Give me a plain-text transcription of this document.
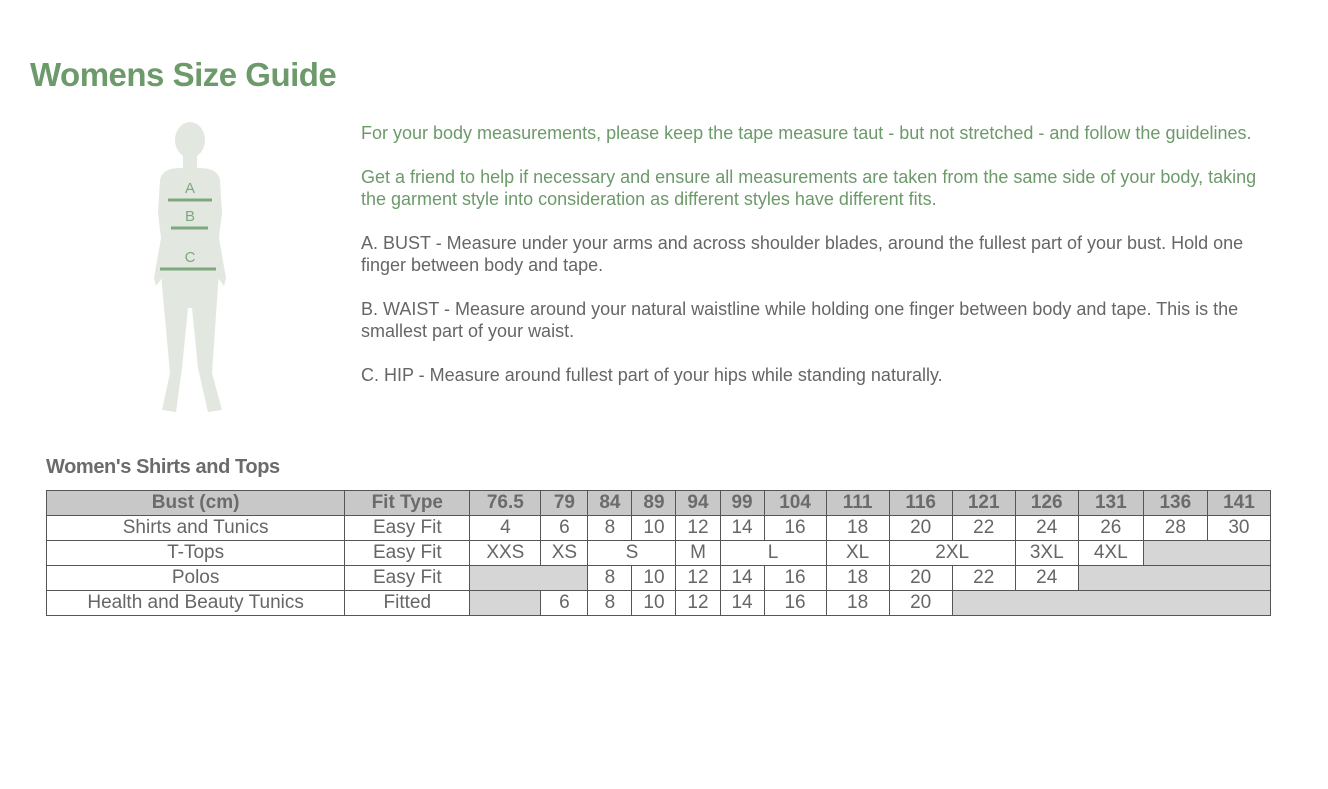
Womens Size Guide
A
B
C

For your body measurements, please keep the tape measure taut - but not stretched - and follow the guidelines.

Get a friend to help if necessary and ensure all measurements are taken from the same side of your body, taking the garment style into consideration as different styles have different fits.

A. BUST - Measure under your arms and across shoulder blades, around the fullest part of your bust. Hold one finger between body and tape.

B. WAIST - Measure around your natural waistline while holding one finger between body and tape. This is the smallest part of your waist.

C. HIP - Measure around fullest part of your hips while standing naturally.

Women's Shirts and Tops
Bust (cm)	Fit Type	76.5	79	84	89	94	99	104	111	116	121	126	131	136	141
Shirts and Tunics	Easy Fit	4	6	8	10	12	14	16	18	20	22	24	26	28	30
T-Tops	Easy Fit	XXS	XS	S		M	L		XL	2XL		3XL	4XL		
Polos	Easy Fit			8	10	12	14	16	18	20	22	24			
Health and Beauty Tunics	Fitted		6	8	10	12	14	16	18	20					
